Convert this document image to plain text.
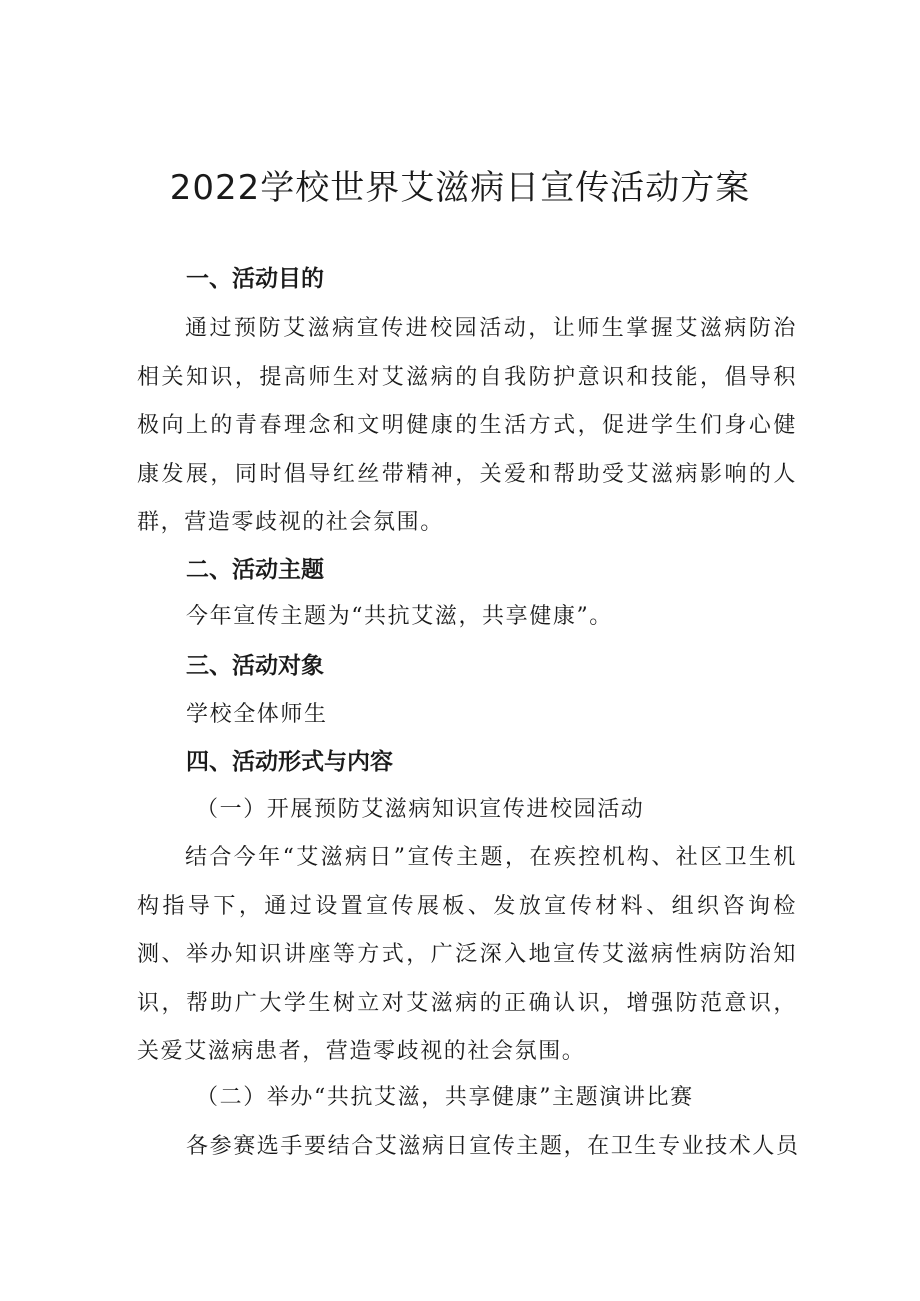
2022学校世界艾滋病日宣传活动方案
一、活动目的

通过预防艾滋病宣传进校园活动，让师生掌握艾滋病防治相关知识，提高师生对艾滋病的自我防护意识和技能，倡导积极向上的青春理念和文明健康的生活方式，促进学生们身心健康发展，同时倡导红丝带精神，关爱和帮助受艾滋病影响的人群，营造零歧视的社会氛围。

二、活动主题

今年宣传主题为“共抗艾滋，共享健康”。

三、活动对象

学校全体师生

四、活动形式与内容

（一）开展预防艾滋病知识宣传进校园活动

结合今年“艾滋病日”宣传主题，在疾控机构、社区卫生机构指导下，通过设置宣传展板、发放宣传材料、组织咨询检测、举办知识讲座等方式，广泛深入地宣传艾滋病性病防治知识，帮助广大学生树立对艾滋病的正确认识，增强防范意识，关爱艾滋病患者，营造零歧视的社会氛围。

（二）举办“共抗艾滋，共享健康”主题演讲比赛

各参赛选手要结合艾滋病日宣传主题，在卫生专业技术人员
